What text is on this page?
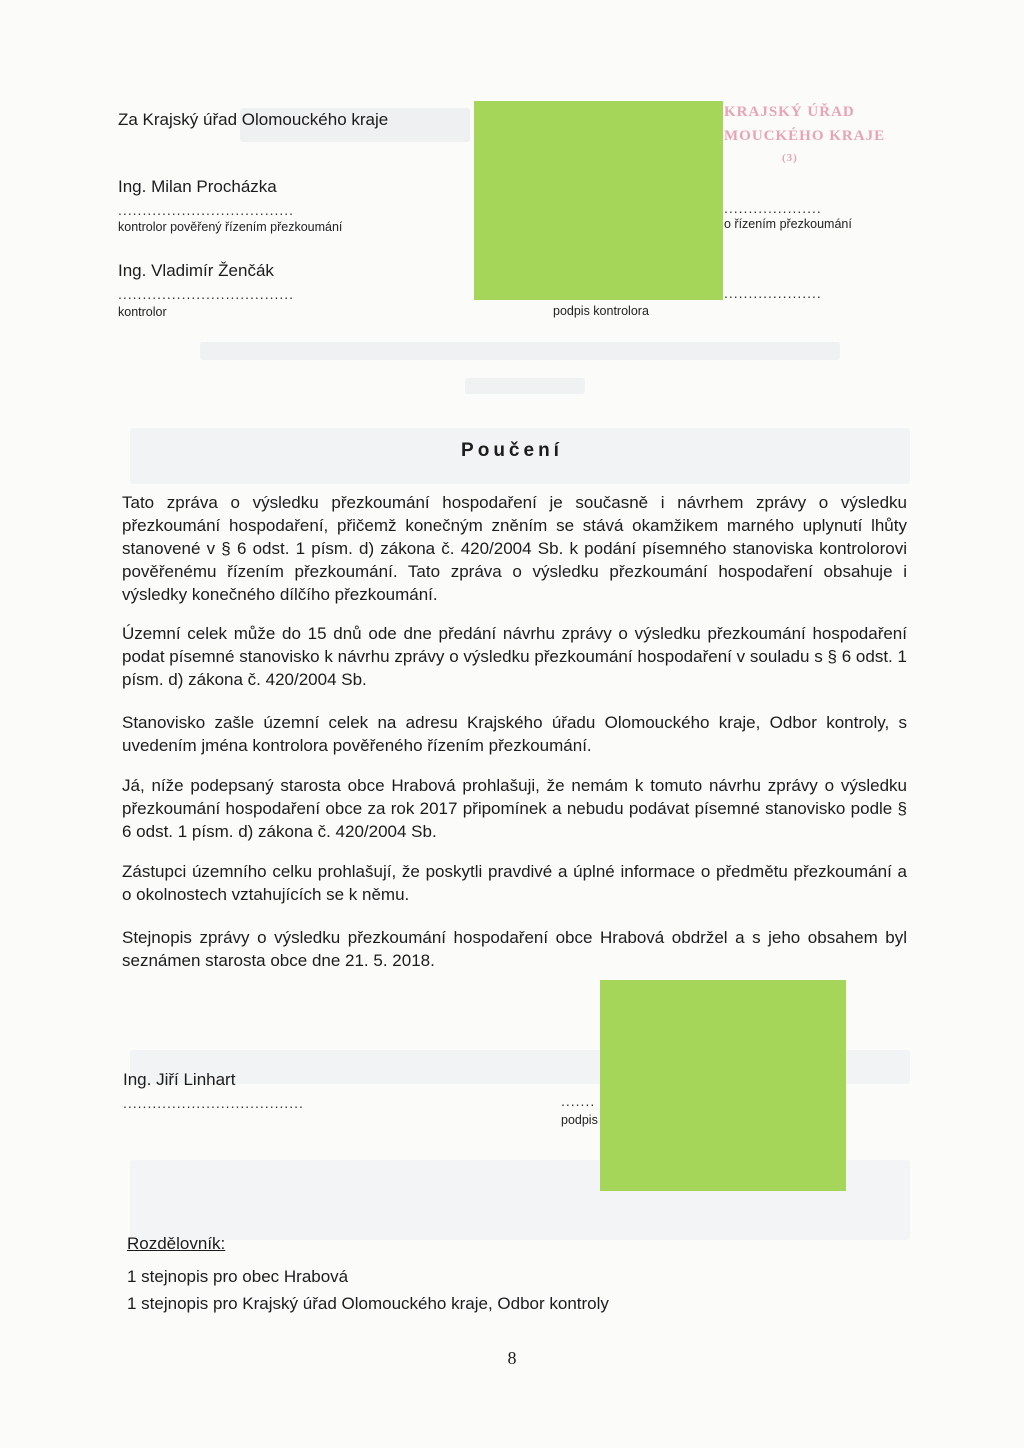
KRAJSKÝ ÚŘAD
MOUCKÉHO KRAJE
(3)
Za Krajský úřad Olomouckého kraje
Ing. Milan Procházka
....................................
kontrolor pověřený řízením přezkoumání
....................
o řízením přezkoumání
Ing. Vladimír Ženčák
....................................
kontrolor
....................
podpis kontrolora
Poučení

Tato zpráva o výsledku přezkoumání hospodaření je současně i návrhem zprávy o výsledku přezkoumání hospodaření, přičemž konečným zněním se stává okamžikem marného uplynutí lhůty stanovené v § 6 odst. 1 písm. d) zákona č. 420/2004 Sb. k podání písemného stanoviska kontrolorovi pověřenému řízením přezkoumání. Tato zpráva o výsledku přezkoumání hospodaření obsahuje i výsledky konečného dílčího přezkoumání.

Územní celek může do 15 dnů ode dne předání návrhu zprávy o výsledku přezkoumání hospodaření podat písemné stanovisko k návrhu zprávy o výsledku přezkoumání hospodaření v souladu s § 6 odst. 1 písm. d) zákona č. 420/2004 Sb.

Stanovisko zašle územní celek na adresu Krajského úřadu Olomouckého kraje, Odbor kontroly, s uvedením jména kontrolora pověřeného řízením přezkoumání.

Já, níže podepsaný starosta obce Hrabová prohlašuji, že nemám k tomuto návrhu zprávy o výsledku přezkoumání hospodaření obce za rok 2017 připomínek a nebudu podávat písemné stanovisko podle § 6 odst. 1 písm. d) zákona č. 420/2004 Sb.

Zástupci územního celku prohlašují, že poskytli pravdivé a úplné informace o předmětu přezkoumání a o okolnostech vztahujících se k němu.

Stejnopis zprávy o výsledku přezkoumání hospodaření obce Hrabová obdržel a s jeho obsahem byl seznámen starosta obce dne 21. 5. 2018.

Ing. Jiří Linhart
.....................................	.......
podpis
Rozdělovník:
1 stejnopis pro obec Hrabová
1 stejnopis pro Krajský úřad Olomouckého kraje, Odbor kontroly
8
